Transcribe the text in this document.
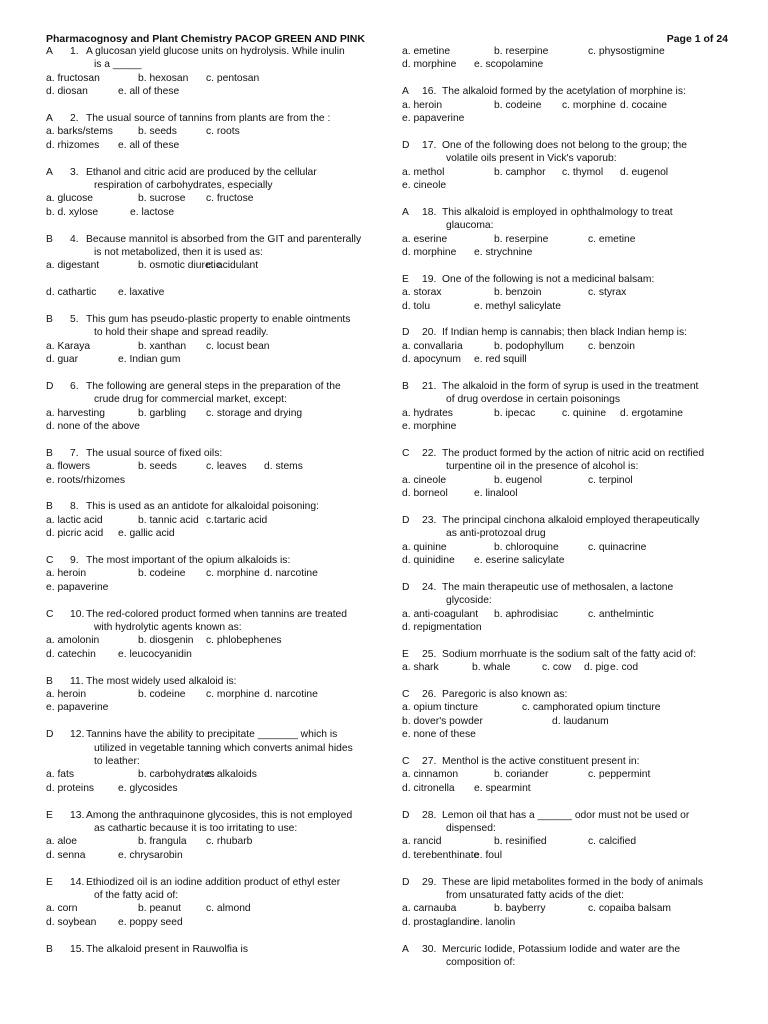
Pharmacognosy and Plant Chemistry PACOP GREEN AND PINK	Page 1 of 24
A	1. A glucosan yield glucose units on hydrolysis. While inulin
is a _____
a. fructosan	b. hexosan c. pentosan
d. diosan	e. all of these
A	2. The usual source of tannins from plants are from the :
a. barks/stems b. seeds	c. roots
d. rhizomes e. all of these
A	3. Ethanol and citric acid are produced by the cellular
respiration of carbohydrates, especially
a. glucose	b. sucrose c. fructose
b. d. xylose	e. lactose
B	4. Because mannitol is absorbed from the GIT and parenterally
is not metabolized, then it is used as:
a. digestant	b. osmotic diuretic
c. acidulant
d. cathartic e. laxative
B	5. This gum has pseudo-plastic property to enable ointments
to hold their shape and spread readily.
a. Karaya	b. xanthan c. locust bean
d. guar	e. Indian gum
D	6. The following are general steps in the preparation of the
crude drug for commercial market, except:
a. harvesting	b. garbling c. storage and drying
d. none of the above
B	7. The usual source of fixed oils:
a. flowers	b. seeds	c. leaves d. stems
e. roots/rhizomes
B	8. This is used as an antidote for alkaloidal poisoning:
a. lactic acid	b. tannic acid c.tartaric acid
d. picric acid e. gallic acid
C	9. The most important of the opium alkaloids is:
a. heroin	b. codeine c. morphine d. narcotine
e. papaverine
C	10. The red-colored product formed when tannins are treated
with hydrolytic agents known as:
a. amolonin	b. diosgenin c. phlobephenes
d. catechin e. leucocyanidin
B	11. The most widely used alkaloid is:
a. heroin	b. codeine c. morphine d. narcotine
e. papaverine
D	12. Tannins have the ability to precipitate _______ which is
utilized in vegetable tanning which converts animal hides
to leather:
a. fats	b. carbohydrates
c. alkaloids
d. proteins e. glycosides
E	13. Among the anthraquinone glycosides, this is not employed
as cathartic because it is too irritating to use:
a. aloe	b. frangula c. rhubarb
d. senna	e. chrysarobin
E	14. Ethiodized oil is an iodine addition product of ethyl ester
of the fatty acid of:
a. corn	b. peanut c. almond
d. soybean e. poppy seed
B	15. The alkaloid present in Rauwolfia is
a. emetine	b. reserpine	c. physostigmine
d. morphine e. scopolamine
A	16. The alkaloid formed by the acetylation of morphine is:
a. heroin	b. codeine c. morphine d. cocaine
e. papaverine
D	17. One of the following does not belong to the group; the
volatile oils present in Vick's vaporub:
a. methol	b. camphor c. thymol d. eugenol
e. cineole
A	18. This alkaloid is employed in ophthalmology to treat
glaucoma:
a. eserine	b. reserpine	c. emetine
d. morphine e. strychnine
E	19. One of the following is not a medicinal balsam:
a. storax	b. benzoin	c. styrax
d. tolu	e. methyl salicylate
D	20. If Indian hemp is cannabis; then black Indian hemp is:
a. convallaria	b. podophyllum c. benzoin
d. apocynum e. red squill
B	21. The alkaloid in the form of syrup is used in the treatment
of drug overdose in certain poisonings
a. hydrates	b. ipecac	c. quinine d. ergotamine
e. morphine
C	22. The product formed by the action of nitric acid on rectified
turpentine oil in the presence of alcohol is:
a. cineole	b. eugenol	c. terpinol
d. borneol	e. linalool
D	23. The principal cinchona alkaloid employed therapeutically
as anti-protozoal drug
a. quinine	b. chloroquine	c. quinacrine
d. quinidine e. eserine salicylate
D	24. The main therapeutic use of methosalen, a lactone
glycoside:
a. anti-coagulant b. aphrodisiac	c. anthelmintic
d. repigmentation
E	25. Sodium morrhuate is the sodium salt of the fatty acid of:
a. shark	b. whale	c. cow d. pig e. cod
C	26. Paregoric is also known as:
a. opium tincture	c. camphorated opium tincture
b. dover's powder	d. laudanum
e. none of these
C	27. Menthol is the active constituent present in:
a. cinnamon	b. coriander	c. peppermint
d. citronella e. spearmint
D	28. Lemon oil that has a ______ odor must not be used or
dispensed:
a. rancid	b. resinified	c. calcified
d. terebenthinate
e. foul
D	29. These are lipid metabolites formed in the body of animals
from unsaturated fatty acids of the diet:
a. carnauba	b. bayberry	c. copaiba balsam
d. prostaglandin
e. lanolin
A	30. Mercuric Iodide, Potassium Iodide and water are the
composition of:
